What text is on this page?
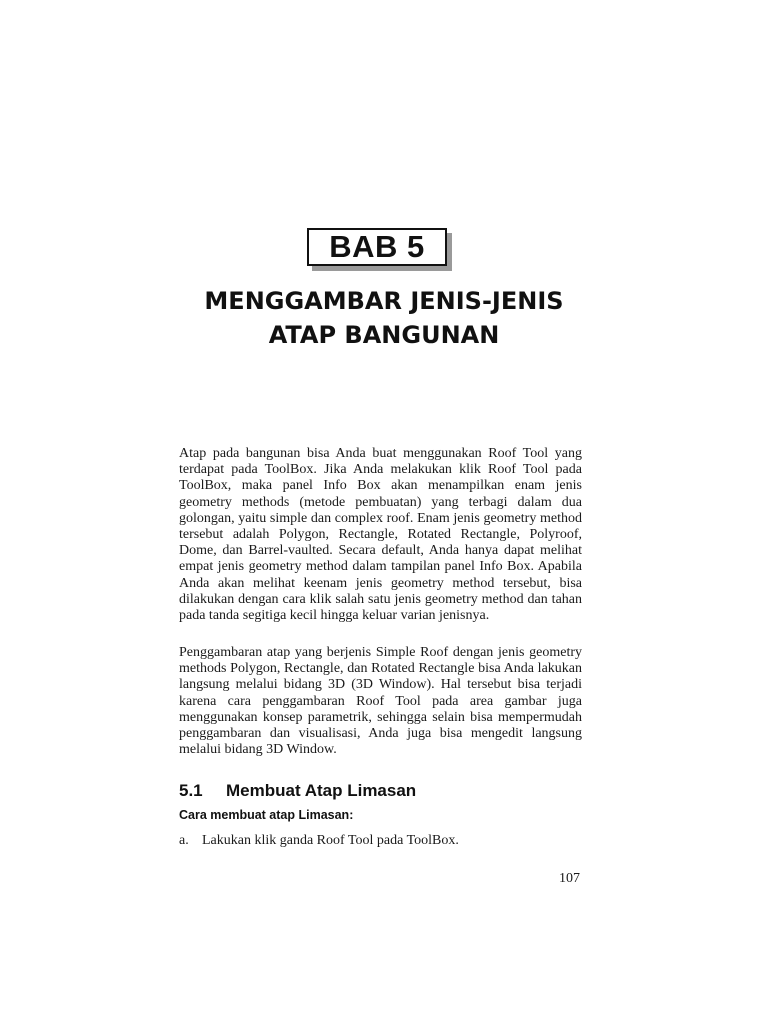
BAB 5
MENGGAMBAR JENIS-JENIS
ATAP BANGUNAN

Atap pada bangunan bisa Anda buat menggunakan Roof Tool yang terdapat pada ToolBox. Jika Anda melakukan klik Roof Tool pada ToolBox, maka panel Info Box akan menampilkan enam jenis geometry methods (metode pembuatan) yang terbagi dalam dua golongan, yaitu simple dan complex roof. Enam jenis geometry method tersebut adalah Polygon, Rectangle, Rotated Rectangle, Polyroof, Dome, dan Barrel-vaulted. Secara default, Anda hanya dapat melihat empat jenis geometry method dalam tampilan panel Info Box. Apabila Anda akan melihat keenam jenis geometry method tersebut, bisa dilakukan dengan cara klik salah satu jenis geometry method dan tahan pada tanda segitiga kecil hingga keluar varian jenisnya.

Penggambaran atap yang berjenis Simple Roof dengan jenis geometry methods Polygon, Rectangle, dan Rotated Rectangle bisa Anda lakukan langsung melalui bidang 3D (3D Window). Hal tersebut bisa terjadi karena cara penggambaran Roof Tool pada area gambar juga menggunakan konsep parametrik, sehingga selain bisa mempermudah penggambaran dan visualisasi, Anda juga bisa mengedit langsung melalui bidang 3D Window.

5.1	Membuat Atap Limasan

Cara membuat atap Limasan:

a. Lakukan klik ganda Roof Tool pada ToolBox.
107
